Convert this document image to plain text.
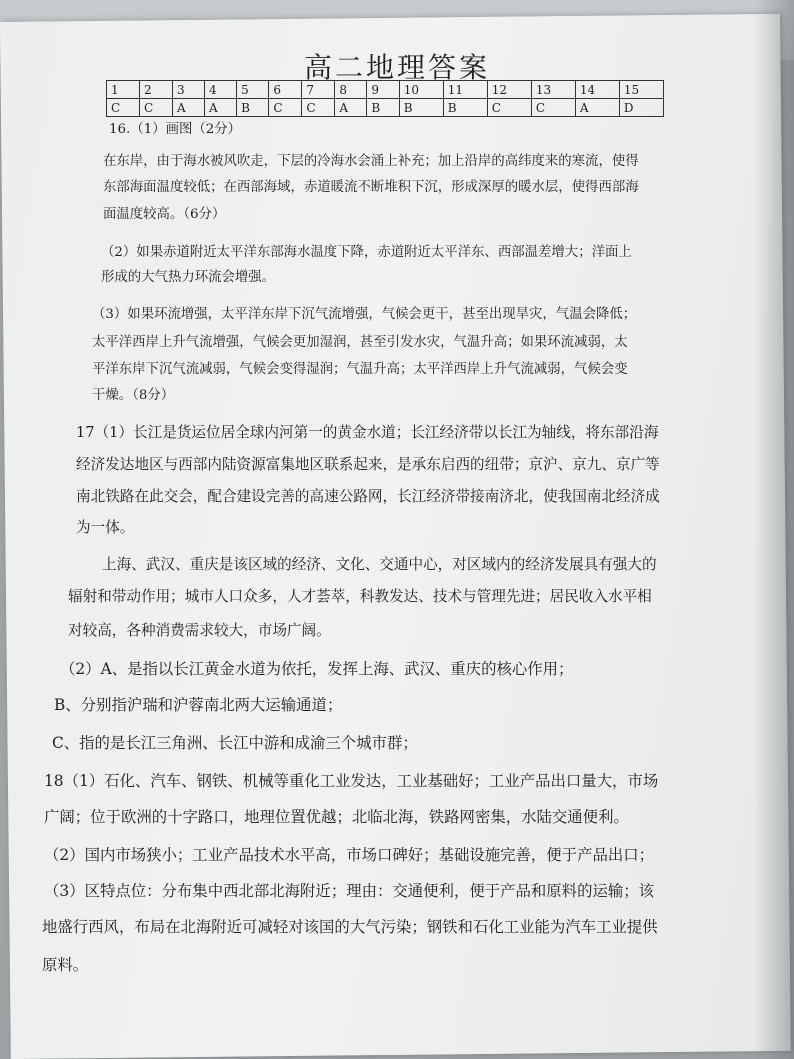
高二地理答案
1	2	3	4	5	6	7	8	9	10	11	12	13	14	15
C	C	A	A	B	C	C	A	B	B	B	C	C	A	D
16.（1）画图（2分）
在东岸，由于海水被风吹走，下层的冷海水会涌上补充；加上沿岸的高纬度来的寒流，使得
东部海面温度较低；在西部海域，赤道暖流不断堆积下沉，形成深厚的暖水层，使得西部海
面温度较高。（6分）
（2）如果赤道附近太平洋东部海水温度下降，赤道附近太平洋东、西部温差增大；洋面上
形成的大气热力环流会增强。
（3）如果环流增强，太平洋东岸下沉气流增强，气候会更干，甚至出现旱灾，气温会降低；
太平洋西岸上升气流增强，气候会更加湿润，甚至引发水灾，气温升高；如果环流减弱，太
平洋东岸下沉气流减弱，气候会变得湿润；气温升高；太平洋西岸上升气流减弱，气候会变
干燥。（8分）
17（1）长江是货运位居全球内河第一的黄金水道；长江经济带以长江为轴线，将东部沿海
经济发达地区与西部内陆资源富集地区联系起来，是承东启西的纽带；京沪、京九、京广等
南北铁路在此交会，配合建设完善的高速公路网，长江经济带接南济北，使我国南北经济成
为一体。
上海、武汉、重庆是该区域的经济、文化、交通中心，对区域内的经济发展具有强大的
辐射和带动作用；城市人口众多，人才荟萃，科教发达、技术与管理先进；居民收入水平相
对较高，各种消费需求较大，市场广阔。
（2）A、是指以长江黄金水道为依托，发挥上海、武汉、重庆的核心作用；
B、分别指沪瑞和沪蓉南北两大运输通道；
C、指的是长江三角洲、长江中游和成渝三个城市群；
18（1）石化、汽车、钢铁、机械等重化工业发达，工业基础好；工业产品出口量大，市场
广阔；位于欧洲的十字路口，地理位置优越；北临北海，铁路网密集，水陆交通便利。
（2）国内市场狭小；工业产品技术水平高，市场口碑好；基础设施完善，便于产品出口；
（3）区特点位：分布集中西北部北海附近；理由：交通便利，便于产品和原料的运输；该
地盛行西风，布局在北海附近可减轻对该国的大气污染；钢铁和石化工业能为汽车工业提供
原料。
